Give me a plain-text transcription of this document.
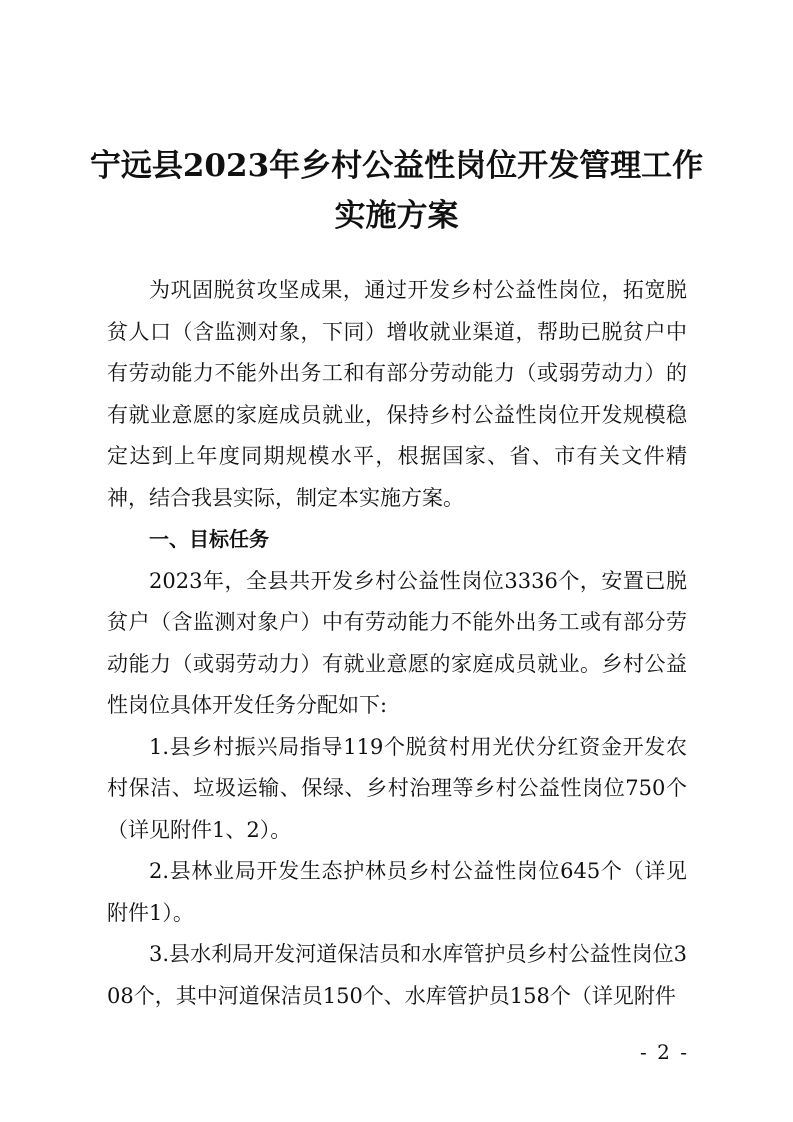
宁远县2023年乡村公益性岗位开发管理工作
实施方案

为巩固脱贫攻坚成果，通过开发乡村公益性岗位，拓宽脱贫人口（含监测对象，下同）增收就业渠道，帮助已脱贫户中有劳动能力不能外出务工和有部分劳动能力（或弱劳动力）的有就业意愿的家庭成员就业，保持乡村公益性岗位开发规模稳定达到上年度同期规模水平，根据国家、省、市有关文件精神，结合我县实际，制定本实施方案。

一、目标任务

2023年，全县共开发乡村公益性岗位3336个，安置已脱贫户（含监测对象户）中有劳动能力不能外出务工或有部分劳动能力（或弱劳动力）有就业意愿的家庭成员就业。乡村公益性岗位具体开发任务分配如下:

1.县乡村振兴局指导119个脱贫村用光伏分红资金开发农村保洁、垃圾运输、保绿、乡村治理等乡村公益性岗位750个（详见附件1、2）。

2.县林业局开发生态护林员乡村公益性岗位645个（详见附件1）。

3.县水利局开发河道保洁员和水库管护员乡村公益性岗位308个，其中河道保洁员150个、水库管护员158个（详见附件

- 2 -
